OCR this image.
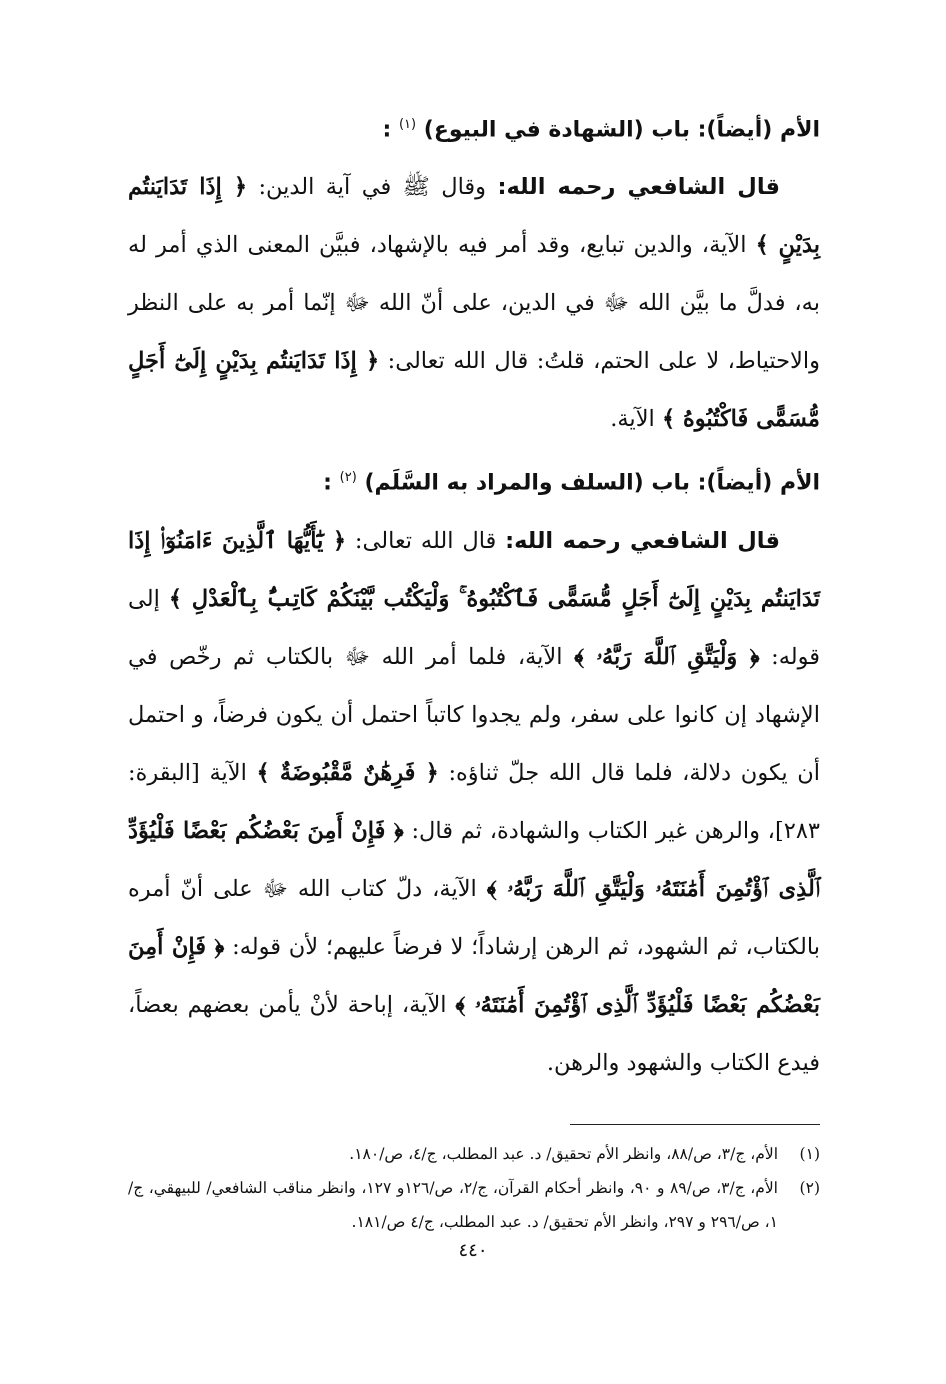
الأم (أيضاً): باب (الشهادة في البيوع) $^{(١)}$ :

قال الشافعي رحمه الله: وقال ﷺ في آية الدين: ﴿ إِذَا تَدَايَنتُم بِدَيْنٍ ﴾ الآية، والدين تبايع، وقد أمر فيه بالإشهاد، فبيَّن المعنى الذي أمر له به، فدلَّ ما بيَّن الله ﷻ في الدين، على أنّ الله ﷻ إنّما أمر به على النظر والاحتياط، لا على الحتم، قلتُ: قال الله تعالى: ﴿ إِذَا تَدَايَنتُم بِدَيْنٍ إِلَىٰٓ أَجَلٍ مُّسَمًّى فَاكْتُبُوهُ ﴾ الآية.

الأم (أيضاً): باب (السلف والمراد به السَّلَم) $^{(٢)}$ :

قال الشافعي رحمه الله: قال الله تعالى: ﴿ يَٰٓأَيُّهَا ٱلَّذِينَ ءَامَنُوٓا۟ إِذَا تَدَايَنتُم بِدَيْنٍ إِلَىٰٓ أَجَلٍ مُّسَمًّى فَٱكْتُبُوهُ ۚ وَلْيَكْتُب بَّيْنَكُمْ كَاتِبٌۢ بِٱلْعَدْلِ ﴾ إلى قوله: ﴿ وَلْيَتَّقِ ٱللَّهَ رَبَّهُۥ ﴾ الآية، فلما أمر الله ﷻ بالكتاب ثم رخّص في الإشهاد إن كانوا على سفر، ولم يجدوا كاتباً احتمل أن يكون فرضاً، و احتمل أن يكون دلالة، فلما قال الله جلّ ثناؤه: ﴿ فَرِهَٰنٌ مَّقْبُوضَةٌ ﴾ الآية [البقرة: ٢٨٣]، والرهن غير الكتاب والشهادة، ثم قال: ﴿ فَإِنْ أَمِنَ بَعْضُكُم بَعْضًا فَلْيُؤَدِّ ٱلَّذِى ٱؤْتُمِنَ أَمَٰنَتَهُۥ وَلْيَتَّقِ ٱللَّهَ رَبَّهُۥ ﴾ الآية، دلّ كتاب الله ﷻ على أنّ أمره بالكتاب، ثم الشهود، ثم الرهن إرشاداً؛ لا فرضاً عليهم؛ لأن قوله: ﴿ فَإِنْ أَمِنَ بَعْضُكُم بَعْضًا فَلْيُؤَدِّ ٱلَّذِى ٱؤْتُمِنَ أَمَٰنَتَهُۥ ﴾ الآية، إباحة لأنْ يأمن بعضهم بعضاً، فيدع الكتاب والشهود والرهن.

(١)
الأم، ج/٣، ص/٨٨، وانظر الأم تحقيق/ د. عبد المطلب، ج/٤، ص/١٨٠.
(٢)
الأم، ج/٣، ص/٨٩ و ٩٠، وانظر أحكام القرآن، ج/٢، ص/١٢٦و ١٢٧، وانظر مناقب الشافعي/ للبيهقي، ج/١، ص/٢٩٦ و ٢٩٧، وانظر الأم تحقيق/ د. عبد المطلب، ج/٤ ص/١٨١.
٤٤٠
